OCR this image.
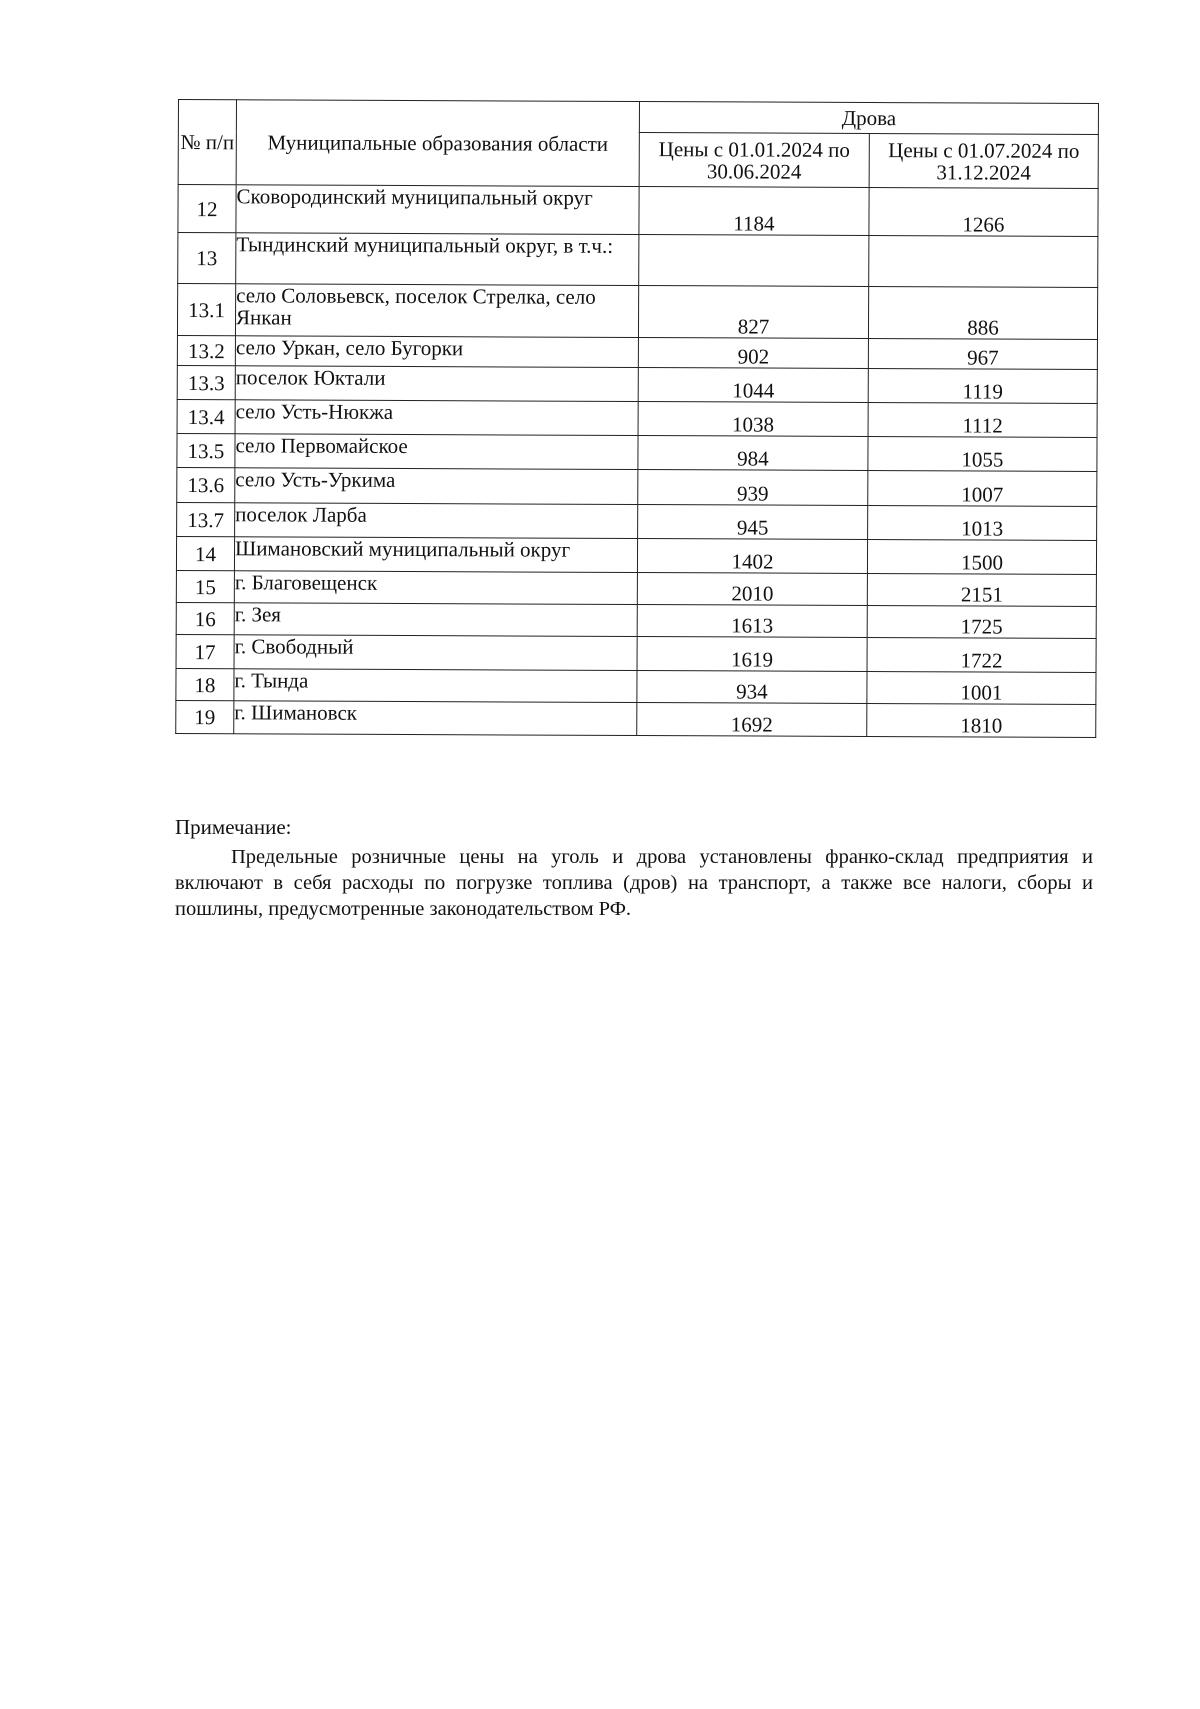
№ п/п	Муниципальные образования области	Дрова	
		Цены с 01.01.2024 по 30.06.2024	Цены с 01.07.2024 по 31.12.2024
12	Сковородинский муниципальный округ	1184	1266
13	Тындинский муниципальный округ, в т.ч.:		
13.1	село Соловьевск, поселок Стрелка, село Янкан	827	886
13.2	село Уркан, село Бугорки	902	967
13.3	поселок Юктали	1044	1119
13.4	село Усть-Нюкжа	1038	1112
13.5	село Первомайское	984	1055
13.6	село Усть-Уркима	939	1007
13.7	поселок Ларба	945	1013
14	Шимановский муниципальный округ	1402	1500
15	г. Благовещенск	2010	2151
16	г. Зея	1613	1725
17	г. Свободный	1619	1722
18	г. Тында	934	1001
19	г. Шимановск	1692	1810
Примечание:
Предельные розничные цены на уголь и дрова установлены франко-склад предприятия и включают в себя расходы по погрузке топлива (дров) на транспорт, а также все налоги, сборы и пошлины, предусмотренные законодательством РФ.
